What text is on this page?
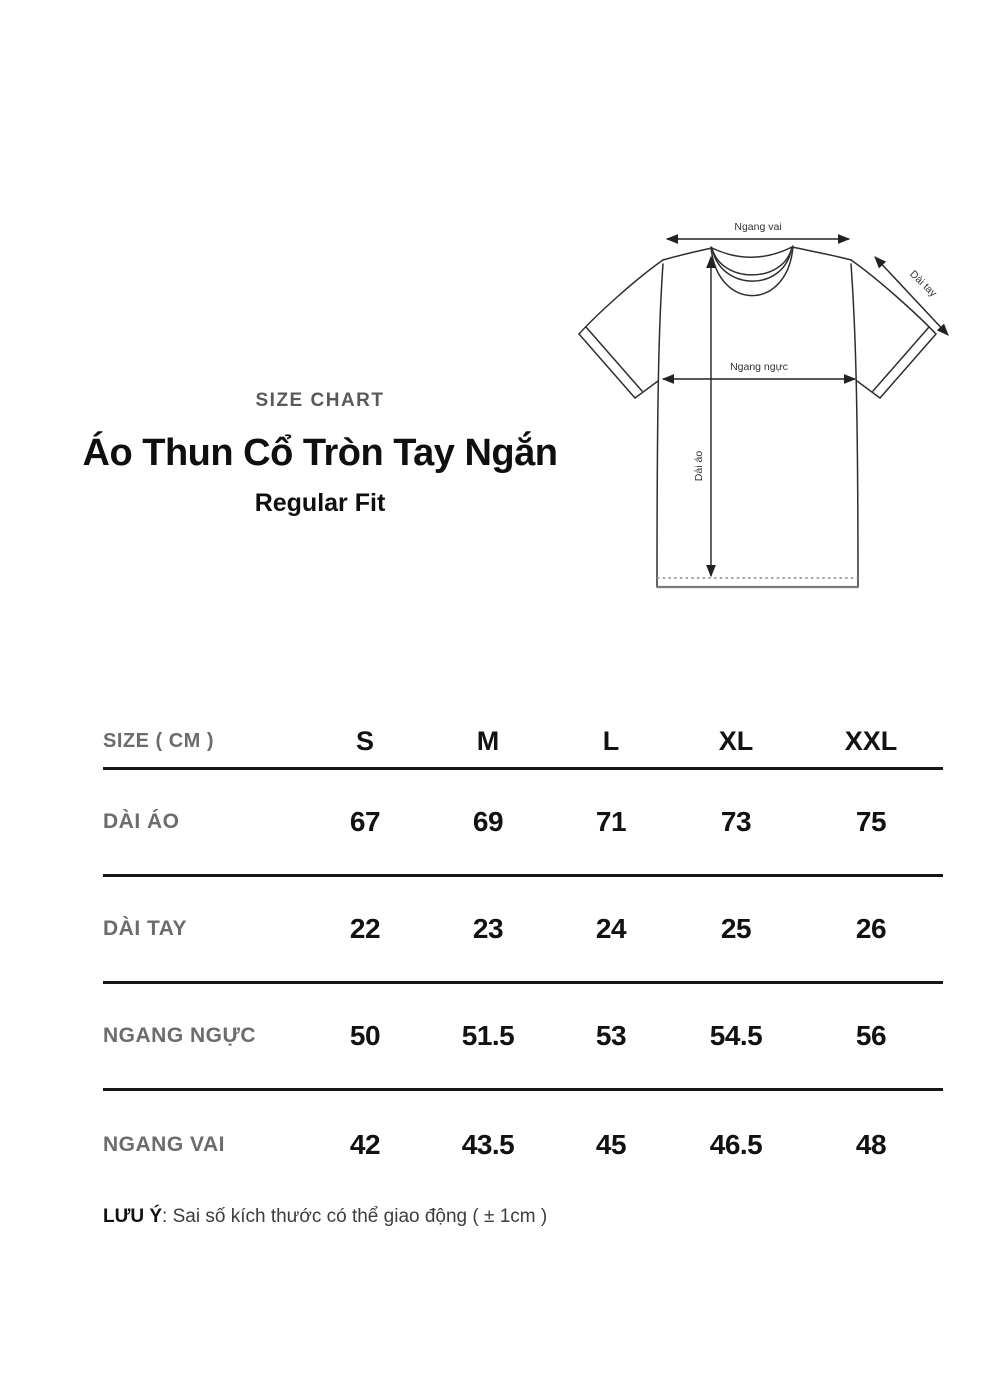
SIZE CHART
Áo Thun Cổ Tròn Tay Ngắn
Regular Fit
Ngang vai
Ngang ngực
Dài áo
Dài tay
SIZE ( CM )	S	M	L	XL	XXL
DÀI ÁO	67	69	71	73	75
DÀI TAY	22	23	24	25	26
NGANG NGỰC	50	51.5	53	54.5	56
NGANG VAI	42	43.5	45	46.5	48
LƯU Ý: Sai số kích thước có thể giao động ( ± 1cm )
